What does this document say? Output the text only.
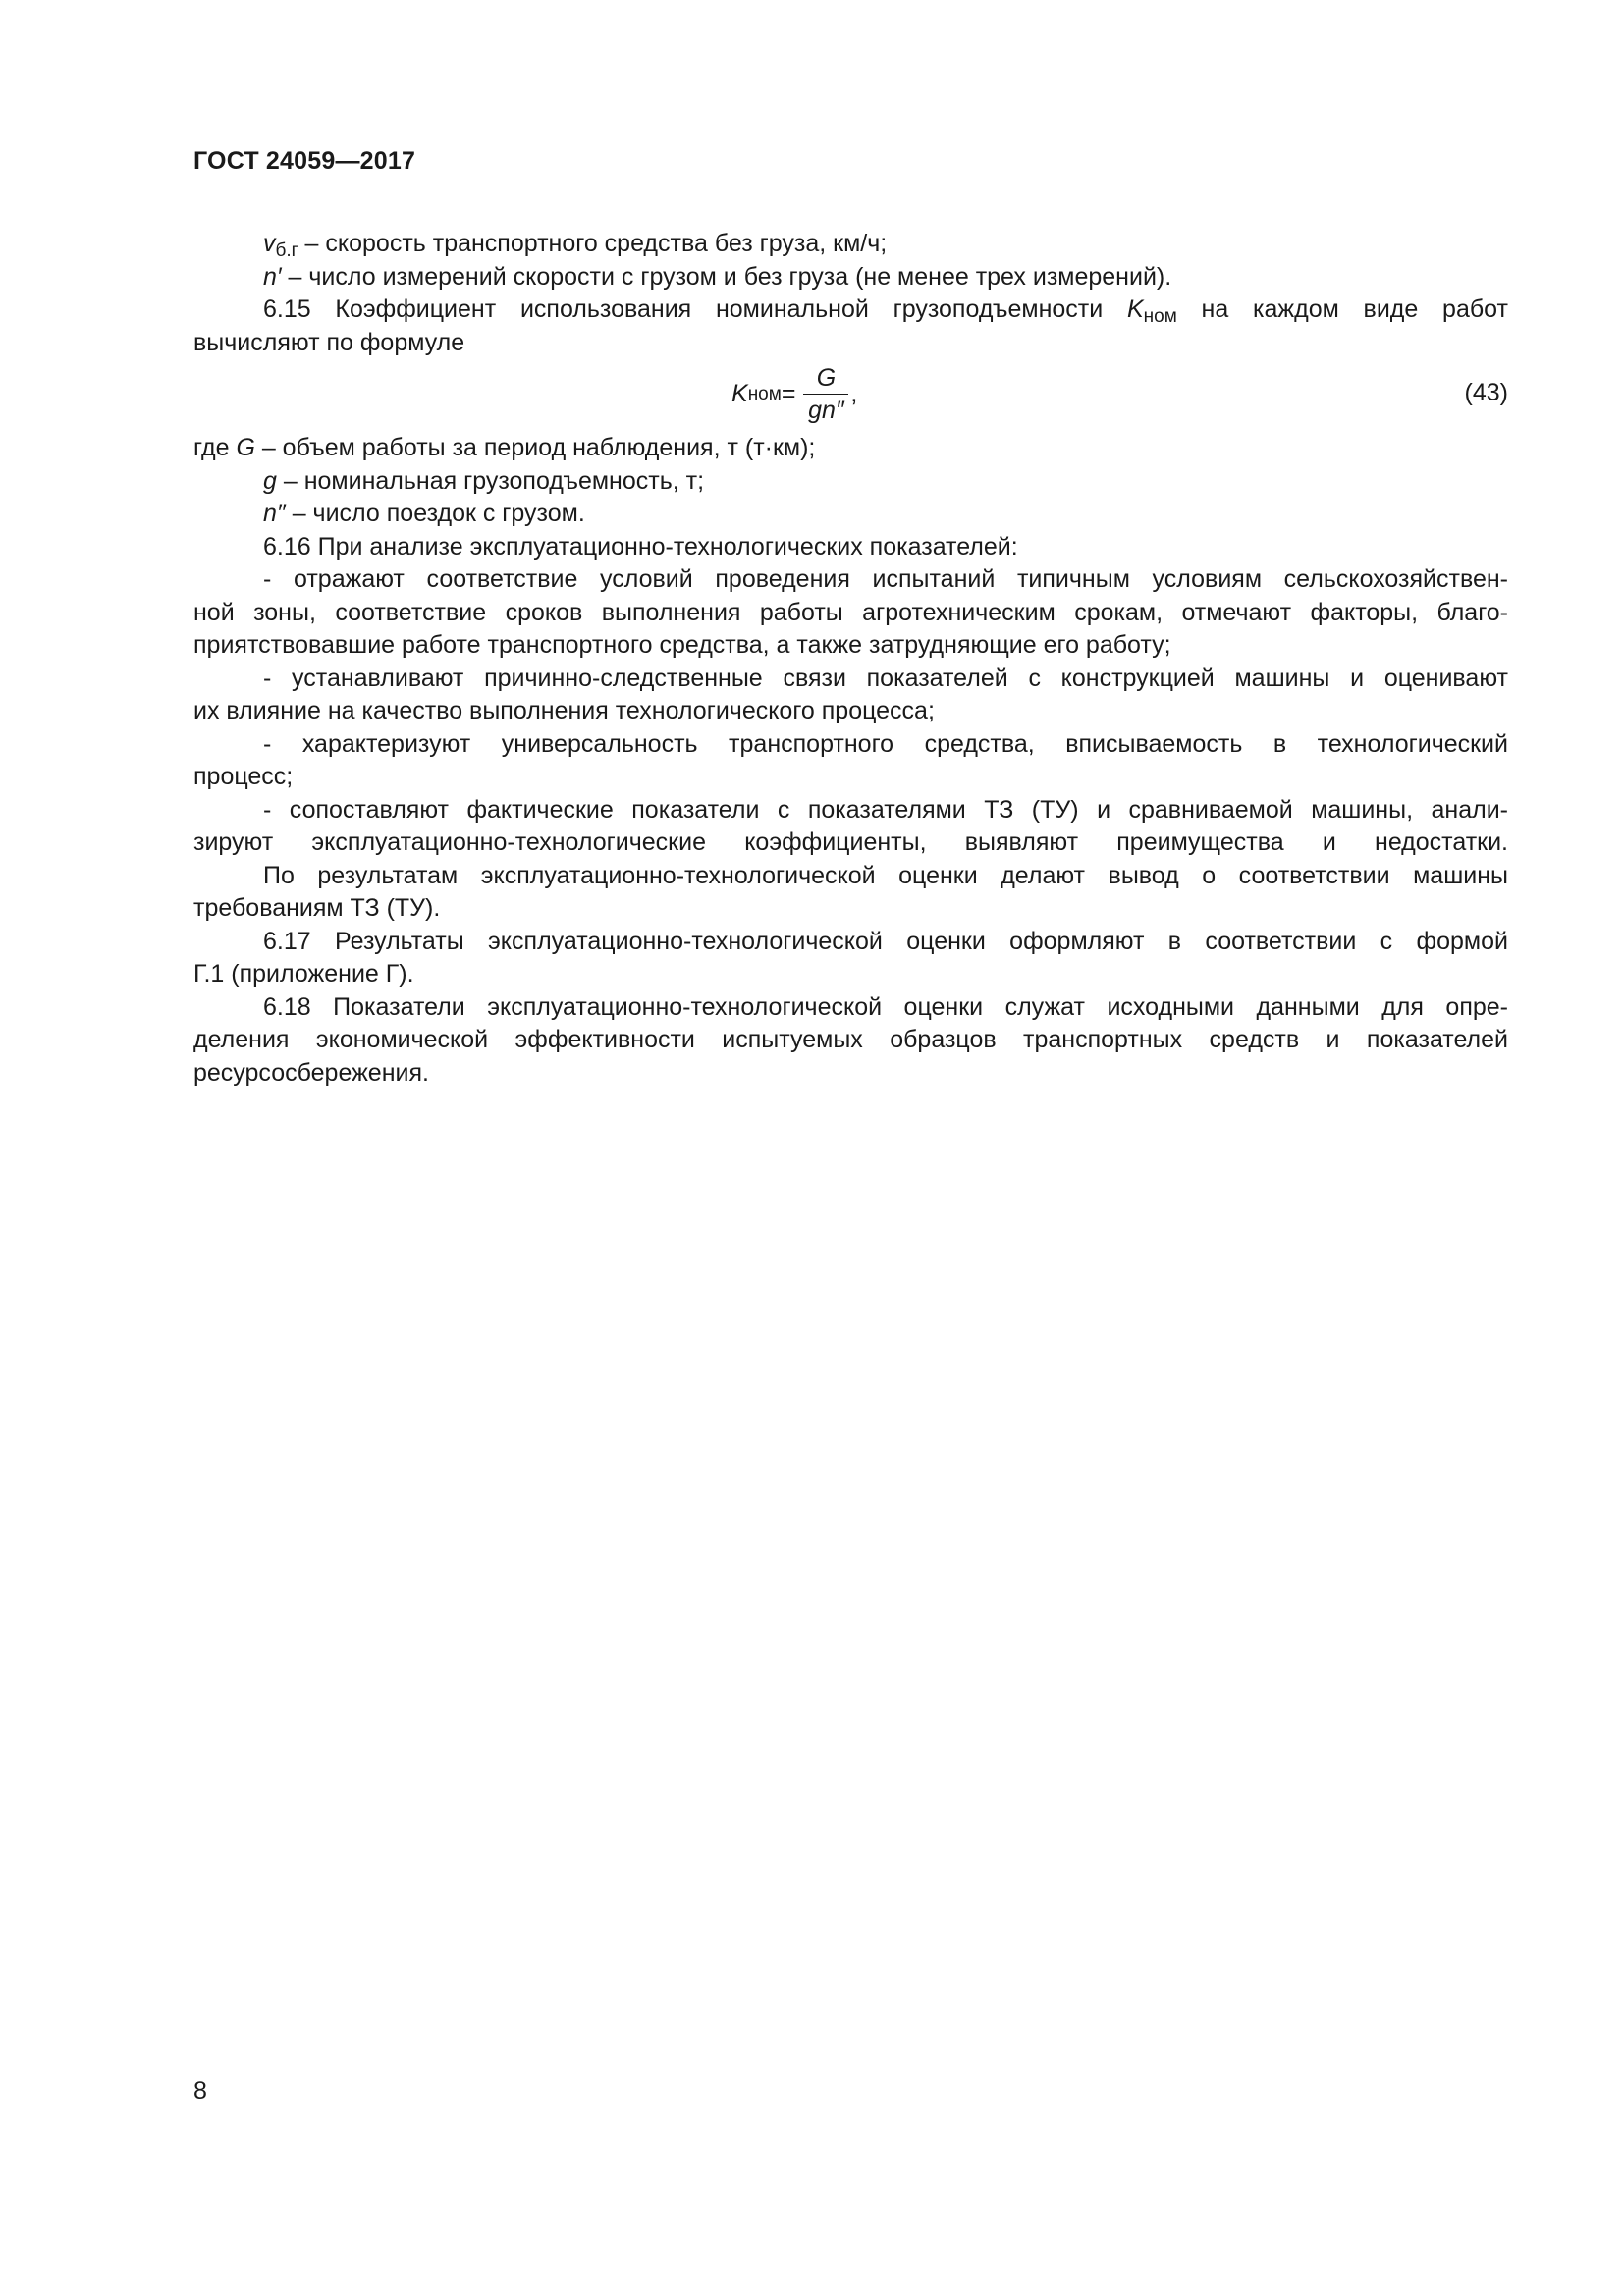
ГОСТ 24059—2017
$v_{б.г}$ – скорость транспортного средства без груза, км/ч;
n′ – число измерений скорости с грузом и без груза (не менее трех измерений).
6.15 Коэффициент использования номинальной грузоподъемности $K_{ном}$ на каждом виде работ
вычисляют по формуле
K ном = $\frac{G}{gn''}$ ,	(43)
где G – объем работы за период наблюдения, т (т·км);
g – номинальная грузоподъемность, т;
n″ – число поездок с грузом.
6.16 При анализе эксплуатационно-технологических показателей:
- отражают соответствие условий проведения испытаний типичным условиям сельскохозяйствен-
ной зоны, соответствие сроков выполнения работы агротехническим срокам, отмечают факторы, благо-
приятствовавшие работе транспортного средства, а также затрудняющие его работу;
- устанавливают причинно-следственные связи показателей с конструкцией машины и оценивают
их влияние на качество выполнения технологического процесса;
- характеризуют универсальность транспортного средства, вписываемость в технологический
процесс;
- сопоставляют фактические показатели с показателями ТЗ (ТУ) и сравниваемой машины, анали-
зируют эксплуатационно-технологические коэффициенты, выявляют преимущества и недостатки.
По результатам эксплуатационно-технологической оценки делают вывод о соответствии машины
требованиям ТЗ (ТУ).
6.17 Результаты эксплуатационно-технологической оценки оформляют в соответствии с формой
Г.1 (приложение Г).
6.18 Показатели эксплуатационно-технологической оценки служат исходными данными для опре-
деления экономической эффективности испытуемых образцов транспортных средств и показателей
ресурсосбережения.
8
